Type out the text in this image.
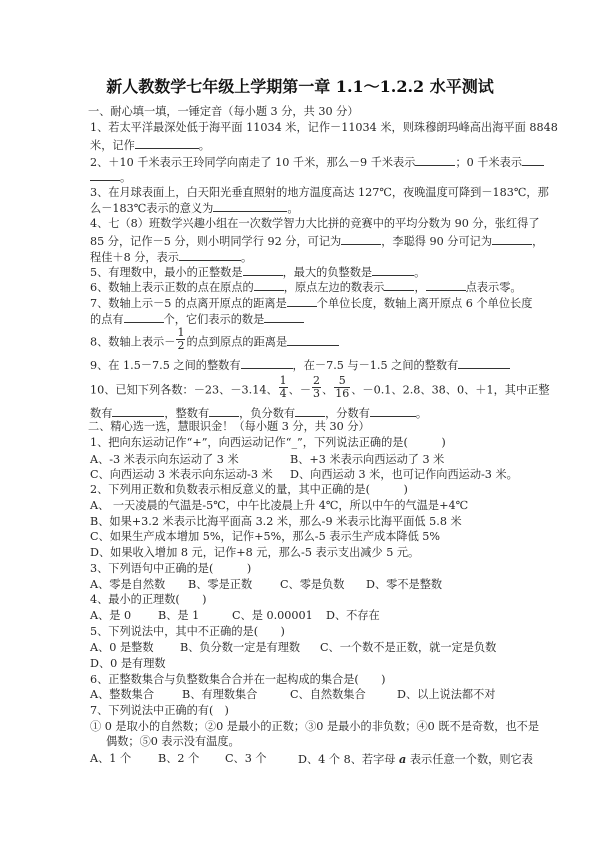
新人教数学七年级上学期第一章 1.1～1.2.2 水平测试
一、耐心填一填，一锤定音（每小题 3 分，共 30 分）
1、若太平洋最深处低于海平面 11034 米，记作－11034 米，则珠穆朗玛峰高出海平面 8848
米，记作	。
2、＋10 千米表示王玲同学向南走了 10 千米，那么－9 千米表示	；0 千米表示
。
3、在月球表面上，白天阳光垂直照射的地方温度高达 127℃，夜晚温度可降到－183℃，那
么－183℃表示的意义为	。
4、七（8）班数学兴趣小组在一次数学智力大比拼的竞赛中的平均分数为 90 分，张红得了
85 分，记作－5 分，则小明同学行 92 分，可记为	，李聪得 90 分可记为	，
程佳＋8 分，表示	。
5、有理数中，最小的正整数是	，最大的负整数是	。
6、数轴上表示正数的点在原点的	，原点左边的数表示	，	点表示零。
7、数轴上示－5 的点离开原点的距离是	个单位长度，数轴上离开原点 6 个单位长度
的点有	个，它们表示的数是
8、数轴上表示－ $\frac{1}{2}$ 的点到原点的距离是
9、在 1.5－7.5 之间的整数有	，在－7.5 与－1.5 之间的整数有
10、已知下列各数：－23、－3.14、 $\frac{1}{4}$ 、－ $\frac{2}{3}$ 、 $\frac{5}{16}$ 、－0.1、2.8、38、0、＋1，其中正整
数有	，整数有	，负分数有	，分数有	。
二、精心选一选，慧眼识金！（每小题 3 分，共 30 分）
1、把向东运动记作“+”，向西运动记作“_”，下列说法正确的是(　　　)
A、-3 米表示向东运动了 3 米	B、+3 米表示向西运动了 3 米
C、向西运动 3 米表示向东运动-3 米 D、向西运动 3 米，也可记作向西运动-3 米。
2、下列用正数和负数表示相反意义的量，其中正确的是(　　　)
A、 一天凌晨的气温是-5℃，中午比凌晨上升 4℃，所以中午的气温是+4℃
B、如果+3.2 米表示比海平面高 3.2 米，那么-9 米表示比海平面低 5.8 米
C、如果生产成本增加 5%，记作+5%，那么-5 表示生产成本降低 5%
D、如果收入增加 8 元，记作+8 元，那么-5 表示支出减少 5 元。
3、下列语句中正确的是(　　　)
A、零是自然数 B、零是正数 C、零是负数 D、零不是整数
4、最小的正理数(　　)
A、是 0 B、是 1	C、是 0.00001 D、不存在
5、下列说法中，其中不正确的是(　　)
A、0 是整数 B、负分数一定是有理数 C、一个数不是正数，就一定是负数
D、0 是有理数
6、正整数集合与负整数集合合并在一起构成的集合是(　　)
A、整数集合 B、有理数集合	C、自然数集合	D、以上说法都不对
7、下列说法中正确的有(　)
① 0 是取小的自然数；②0 是最小的正数；③0 是最小的非负数；④0 既不是奇数，也不是
偶数；⑤0 表示没有温度。
A、1 个 B、2 个 C、3 个	D、4 个 8、若字母 a 表示任意一个数，则它表
